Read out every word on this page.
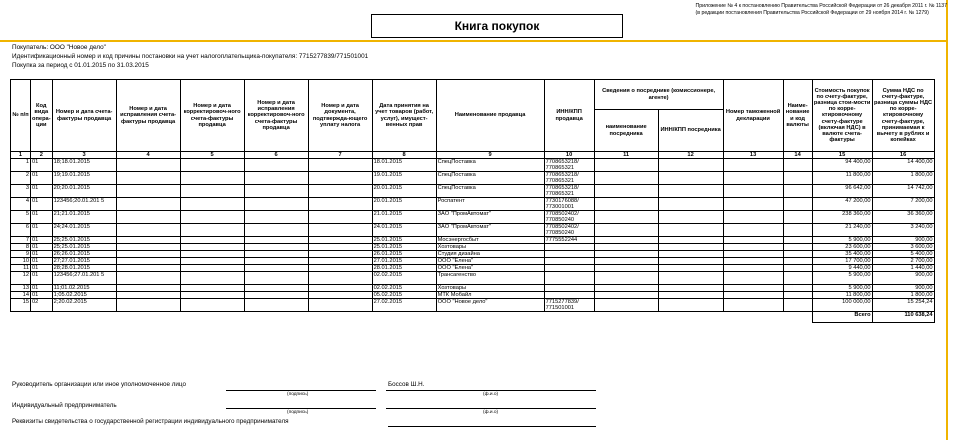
Приложение № 4 к постановлению Правительства Российской Федерации от 26 декабря 2011 г. № 1137
(в редакции постановления Правительства Российской Федерации от 29 ноября 2014 г. № 1279)
Книга покупок
Покупатель: ООО "Новое дело"
Идентификационный номер и код причины постановки на учет налогоплательщика-покупателя: 7715277839/771501001
Покупка за период с 01.01.2015 по 31.03.2015
№ п/п	Код вида опера-ции	Номер и дата счета-фактуры продавца	Номер и дата исправления счета-фактуры продавца	Номер и дата корректировоч-ного счета-фактуры продавца	Номер и дата исправления корректировоч-ного счета-фактуры продавца	Номер и дата документа, подтвержда-ющего уплату налога	Дата принятия на учет товаров (работ, услуг), имущест-венных прав	Наименование продавца	ИНН/КПП продавца	Сведения о посреднике (комиссионере, агенте)		Номер таможенной декларации	Наиме-нование и код валюты	Стоимость покупок по счету-фактуре, разница стои-мости по корре-ктировочному счету-фактуре (включая НДС) в валюте счета-фактуры	Сумма НДС по счету-фактуре, разница суммы НДС по корре-ктировочному счету-фактуре, принимаемая к вычету в рублях и копейках
										наименование посредника	ИНН/КПП посредника				
1	2	3	4	5	6	7	8	9	10	11	12	13	14	15	16
1	01	18;18.01.2015					18.01.2015	СпецПоставка	7708653218/ 770865321					94 400,00	14 400,00
2	01	19;19.01.2015					19.01.2015	СпецПоставка	7708653218/ 770865321					11 800,00	1 800,00
3	01	20;20.01.2015					20.01.2015	СпецПоставка	7708653218/ 770865321					96 642,00	14 742,00
4	01	123456;20.01.201 5					20.01.2015	Роспатент	7730176088/ 773001001					47 200,00	7 200,00
5	01	21;21.01.2015					21.01.2015	ЗАО "ПромАвтомат"	7708502402/ 770850240					238 360,00	36 360,00
6	01	24;24.01.2015					24.01.2015	ЗАО "ПромАвтомат"	7708502402/ 770850240					21 240,00	3 240,00
7	01	25;25.01.2015					25.01.2015	Мосэнергосбыт	7775552244					5 900,00	900,00
8	01	25;25.01.2015					25.01.2015	Хозтовары						23 600,00	3 600,00
9	01	26;26.01.2015					26.01.2015	Студия дизайна						35 400,00	5 400,00
10	01	27;27.01.2015					27.01.2015	ООО "Елена"						17 700,00	2 700,00
11	01	28;28.01.2015					28.01.2015	ООО "Елена"						9 440,00	1 440,00
12	01	123456;27.01.201 5					02.02.2015	Трансагенство						5 900,00	900,00
13	01	11;01.02.2015					02.02.2015	Хозтовары						5 900,00	900,00
14	01	1;05.02.2015					05.02.2015	МТК Мобайл						11 800,00	1 800,00
15	02	2;20.02.2015					27.02.2015	ООО "Новое дело"	7715277839/ 771501001					100 000,00	15 254,24
														Всего	110 638,24
Руководитель организации или иное уполномоченное лицо	Боссов Ш.Н.
(подпись)	(ф.и.о)
Индивидуальный предприниматель
(подпись)	(ф.и.о)
Реквизиты свидетельства о государственной регистрации индивидуального предпринимателя
